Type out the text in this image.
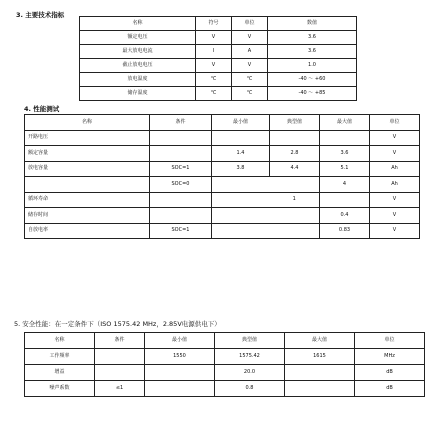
3. 主要技术指标
名称	符号	单位	数值
额定电压	V	V	3.6
最大放电电流	I	A	3.6
截止放电电压	V	V	1.0
放电温度	℃	℃	-40 ～ +60
储存温度	℃	℃	-40 ～ +85
4. 性能测试
名称	条件	最小值	典型值	最大值	单位
开路电压					V
额定容量		1.4	2.8	3.6	V
放电容量	SOC=1	3.8	4.4	5.1	Ah
	SOC=0			4	Ah
循环寿命			1		V
储存时间				0.4	V
自放电率	SOC=1			0.83	V
5. 安全性能：在一定条件下（ISO 1575.42 MHz，2.85V电源供电下）
名称	条件	最小值	典型值	最大值	单位
工作频率		1550	1575.42	1615	MHz
增益			20.0		dB
噪声系数	≤1		0.8		dB
